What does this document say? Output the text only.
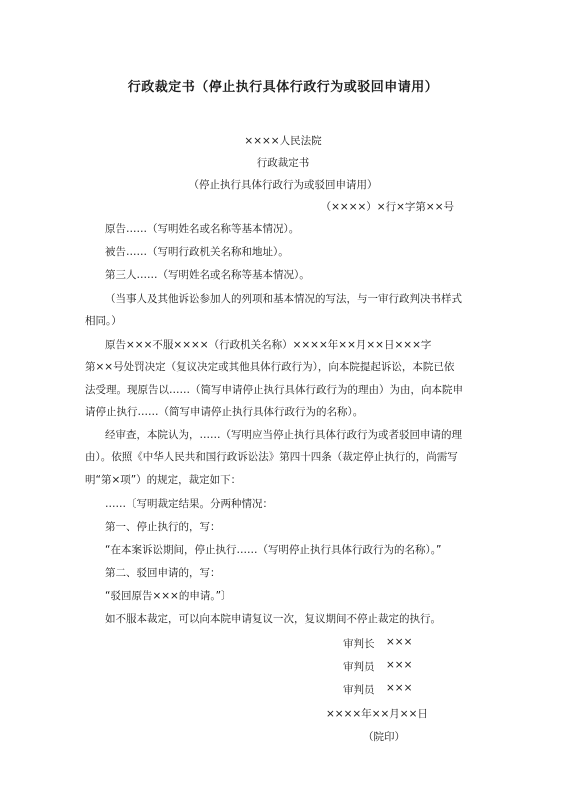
行政裁定书（停止执行具体行政行为或驳回申请用）
××××人民法院
行政裁定书
（停止执行具体行政行为或驳回申请用）
（××××）×行×字第××号
原告……（写明姓名或名称等基本情况）。
被告……（写明行政机关名称和地址）。
第三人……（写明姓名或名称等基本情况）。
（当事人及其他诉讼参加人的列项和基本情况的写法，与一审行政判决书样式
相同。）
原告×××不服××××（行政机关名称）××××年××月××日×××字
第××号处罚决定（复议决定或其他具体行政行为），向本院提起诉讼，本院已依
法受理。现原告以……（简写申请停止执行具体行政行为的理由）为由，向本院申
请停止执行……（简写申请停止执行具体行政行为的名称）。
经审查，本院认为，……（写明应当停止执行具体行政行为或者驳回申请的理
由）。依照《中华人民共和国行政诉讼法》第四十四条（裁定停止执行的，尚需写
明“第×项”）的规定，裁定如下：
……〔写明裁定结果。分两种情况：
第一、停止执行的，写：
“在本案诉讼期间，停止执行……（写明停止执行具体行政行为的名称）。”
第二、驳回申请的，写：
“驳回原告×××的申请。”〕
如不服本裁定，可以向本院申请复议一次，复议期间不停止裁定的执行。
审判长 ×××
审判员 ×××
审判员 ×××
××××年××月××日
（院印）
